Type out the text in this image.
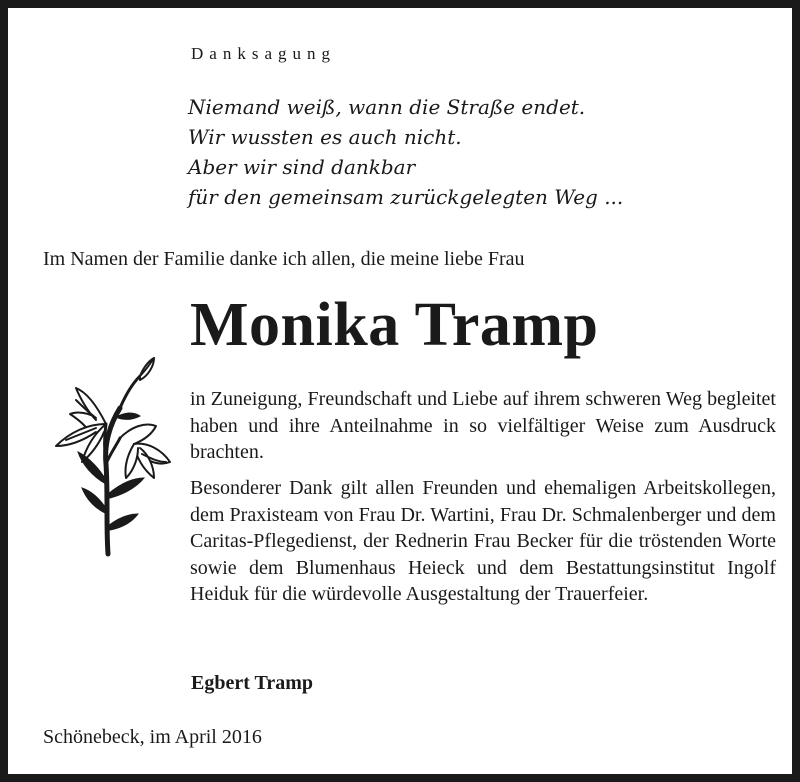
Danksagung
Niemand weiß, wann die Straße endet.
Wir wussten es auch nicht.
Aber wir sind dankbar
für den gemeinsam zurückgelegten Weg ...
Im Namen der Familie danke ich allen, die meine liebe Frau
Monika Tramp
in Zuneigung, Freundschaft und Liebe auf ihrem schweren Weg begleitet haben und ihre Anteilnahme in so vielfältiger Weise zum Ausdruck brachten.
Besonderer Dank gilt allen Freunden und ehemaligen Arbeitskollegen, dem Praxisteam von Frau Dr. Wartini, Frau Dr. Schmalenberger und dem Caritas-Pflegedienst, der Rednerin Frau Becker für die tröstenden Worte sowie dem Blumenhaus Heieck und dem Bestattungsinstitut Ingolf Heiduk für die würdevolle Ausgestaltung der Trauerfeier.
Egbert Tramp
Schönebeck, im April 2016
